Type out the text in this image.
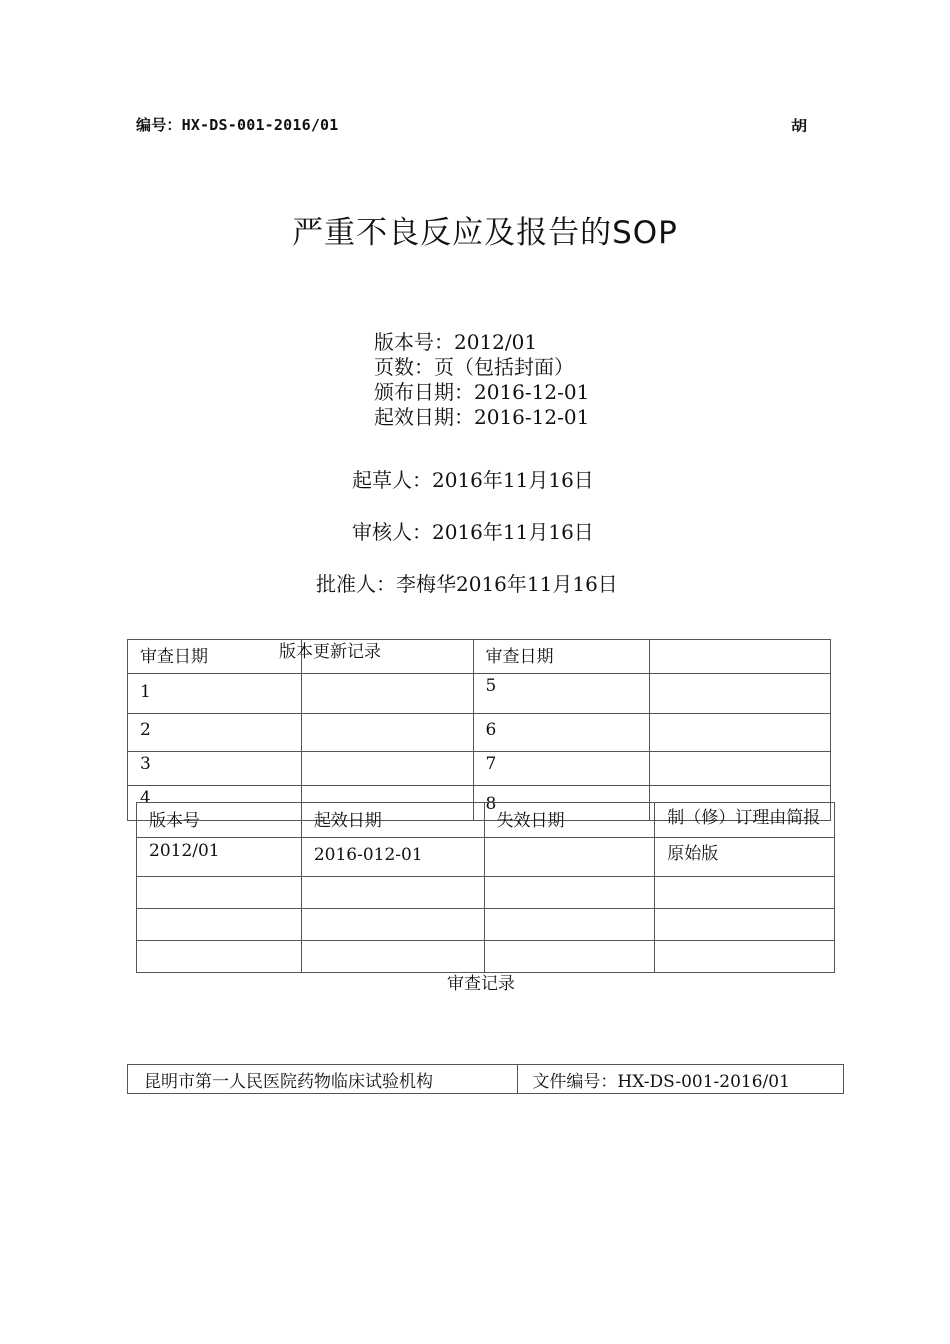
编号：HX-DS-001-2016/01	胡
严重不良反应及报告的SOP
版本号：2012/01
页数：页（包括封面）
颁布日期：2016-12-01
起效日期：2016-12-01
起草人：2016年11月16日
审核人：2016年11月16日
批准人：李梅华2016年11月16日
审查日期		审查日期	
1		5	
2		6	
3		7	
4		8	
版本更新记录
版本号	起效日期	失效日期	制（修）订理由简报

2012/01	2016-012-01		原始版

审查记录
昆明市第一人民医院药物临床试验机构	文件编号：HX-DS-001-2016/01
